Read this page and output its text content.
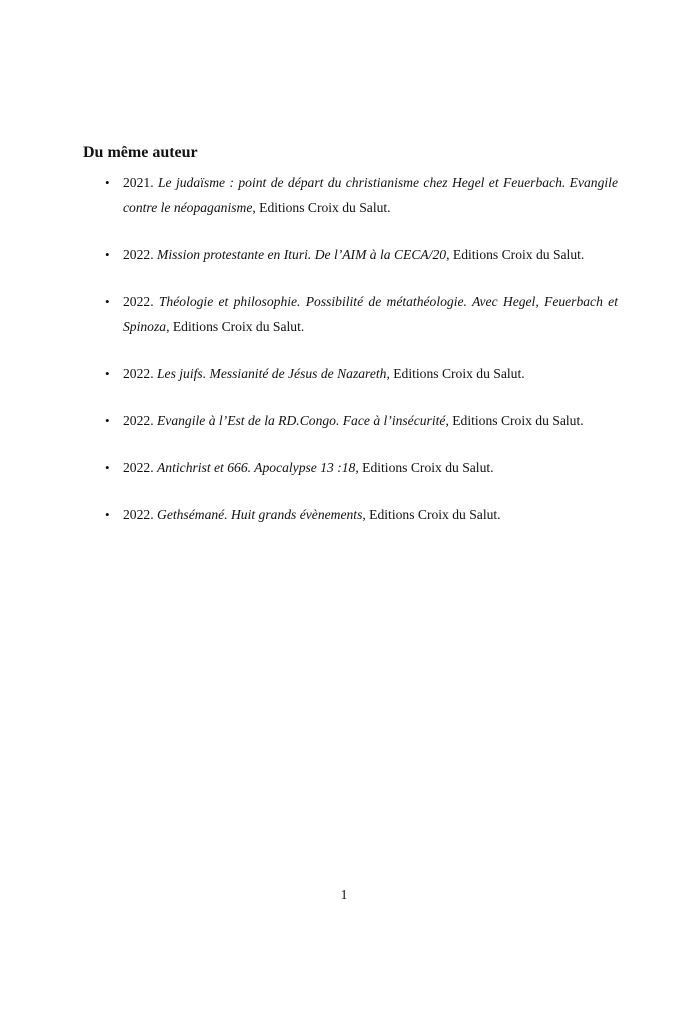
Du même auteur
• 2021. Le judaïsme : point de départ du christianisme chez Hegel et Feuerbach. Evangile contre le néopaganisme, Editions Croix du Salut.
• 2022. Mission protestante en Ituri. De l’AIM à la CECA/20, Editions Croix du Salut.
• 2022. Théologie et philosophie. Possibilité de métathéologie. Avec Hegel, Feuerbach et Spinoza, Editions Croix du Salut.
• 2022. Les juifs. Messianité de Jésus de Nazareth, Editions Croix du Salut.
• 2022. Evangile à l’Est de la RD.Congo. Face à l’insécurité, Editions Croix du Salut.
• 2022. Antichrist et 666. Apocalypse 13 :18, Editions Croix du Salut.
• 2022. Gethsémané. Huit grands évènements, Editions Croix du Salut.
1
